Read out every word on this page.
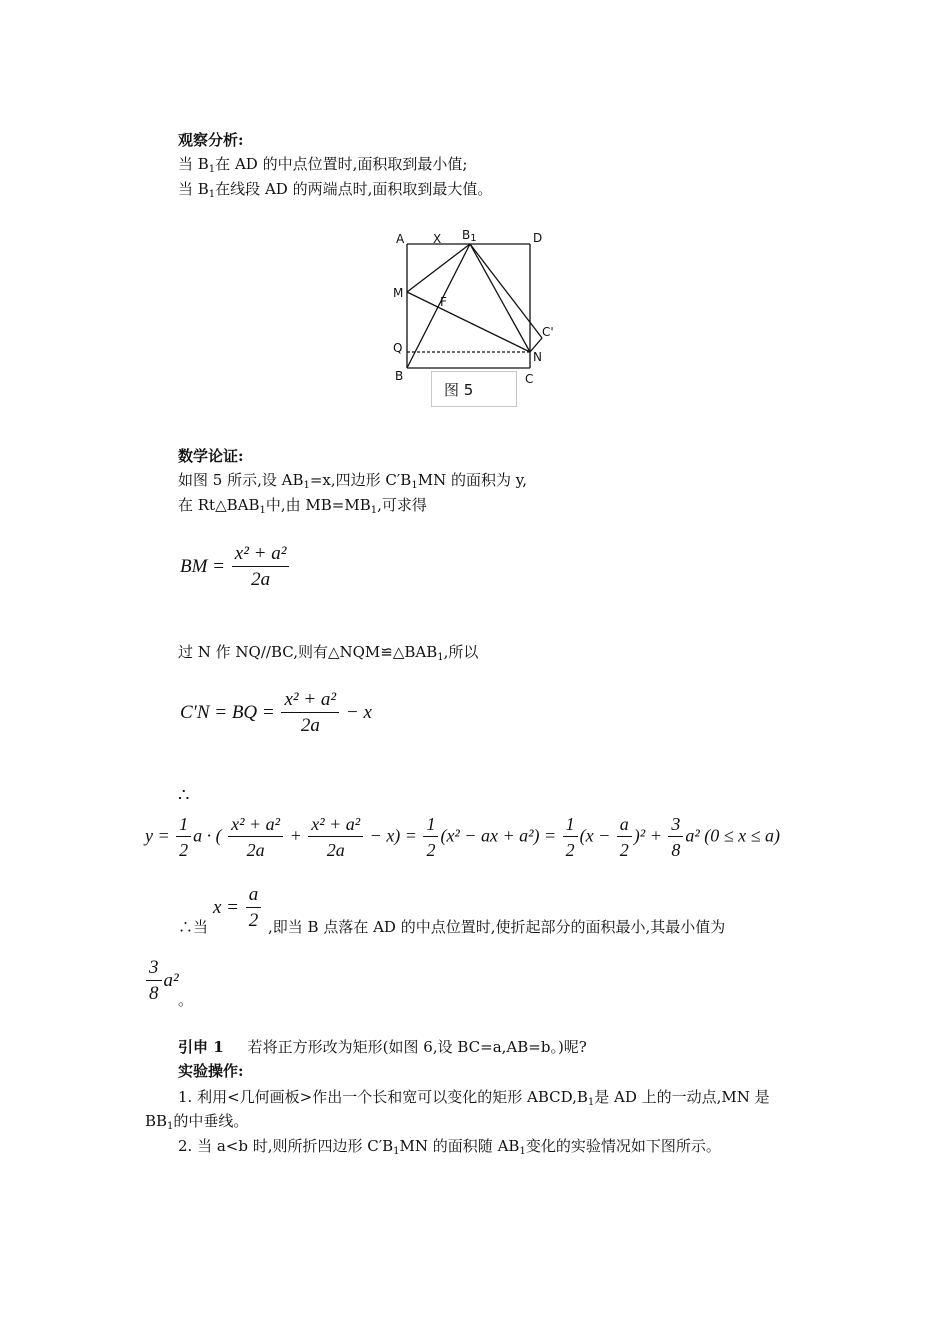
观察分析:
当 $B_1$在 AD 的中点位置时,面积取到最小值;
当 $B_1$在线段 AD 的两端点时,面积取到最大值。
A X B1	D
M
F
C'
Q
N
B	C
图 5
数学论证:
如图 5 所示,设 $AB_1=x$,四边形 $C'B_1MN$ 的面积为 y,
在 $Rt\triangle BAB_1$中,由 $MB=MB_1$,可求得
BM = $\frac{\text{x² + a²}}{2a}$
过 N 作 NQ//BC,则有$\triangle NQM≌\triangle BAB_1$,所以
C′N = BQ = $\frac{\text{x² + a²}}{2a} - x$
∴
$y = \frac{1}{2}$ a · ( $\frac{\text{x² + a²}}{2a} + \frac{\text{x² + a²}}{2a} - x) = \frac{1}{2} (x^2$ − ax + $a^2) = \frac{1}{2} (x - \frac{a}{2} )^2 + \frac{3}{8} a^2$ (0 ≤ x ≤ a)
∴当
$x = \frac{a}{2}$ ,即当 B 点落在 AD 的中点位置时,使折起部分的面积最小,其最小值为
$\frac{3}{8} a^2$
。
引申 1 若将正方形改为矩形(如图 6,设 BC=a,AB=b。)呢?
实验操作:
1. 利用<几何画板>作出一个长和宽可以变化的矩形 $ABCD,B_1$是 AD 上的一动点,MN 是
$BB_1$的中垂线。
2. 当 a<b 时,则所折四边形 $C'B_1MN$ 的面积随 $AB_1$变化的实验情况如下图所示。
